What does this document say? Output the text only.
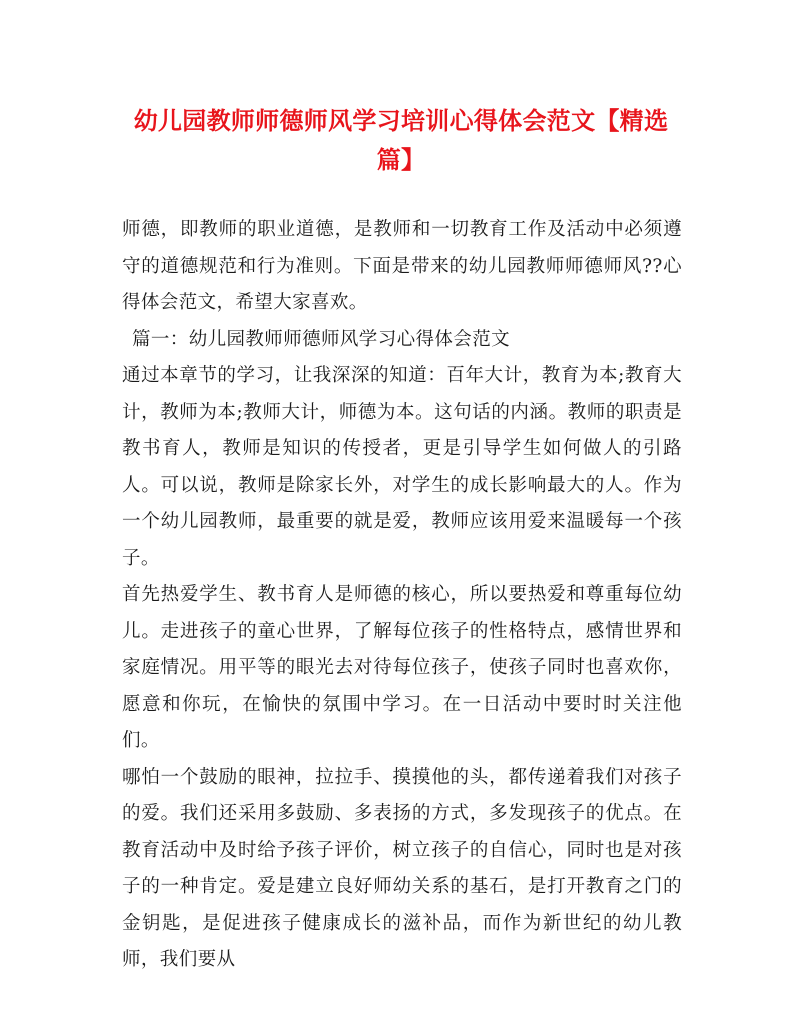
幼儿园教师师德师风学习培训心得体会范文【精选篇】

师德，即教师的职业道德，是教师和一切教育工作及活动中必须遵守的道德规范和行为准则。下面是带来的幼儿园教师师德师风??心得体会范文，希望大家喜欢。

篇一：幼儿园教师师德师风学习心得体会范文

通过本章节的学习，让我深深的知道：百年大计，教育为本;教育大计，教师为本;教师大计，师德为本。这句话的内涵。教师的职责是教书育人，教师是知识的传授者，更是引导学生如何做人的引路人。可以说，教师是除家长外，对学生的成长影响最大的人。作为一个幼儿园教师，最重要的就是爱，教师应该用爱来温暖每一个孩子。

首先热爱学生、教书育人是师德的核心，所以要热爱和尊重每位幼儿。走进孩子的童心世界，了解每位孩子的性格特点，感情世界和家庭情况。用平等的眼光去对待每位孩子，使孩子同时也喜欢你，愿意和你玩，在愉快的氛围中学习。在一日活动中要时时关注他们。

哪怕一个鼓励的眼神，拉拉手、摸摸他的头，都传递着我们对孩子的爱。我们还采用多鼓励、多表扬的方式，多发现孩子的优点。在教育活动中及时给予孩子评价，树立孩子的自信心，同时也是对孩子的一种肯定。爱是建立良好师幼关系的基石，是打开教育之门的金钥匙，是促进孩子健康成长的滋补品，而作为新世纪的幼儿教师，我们要从
